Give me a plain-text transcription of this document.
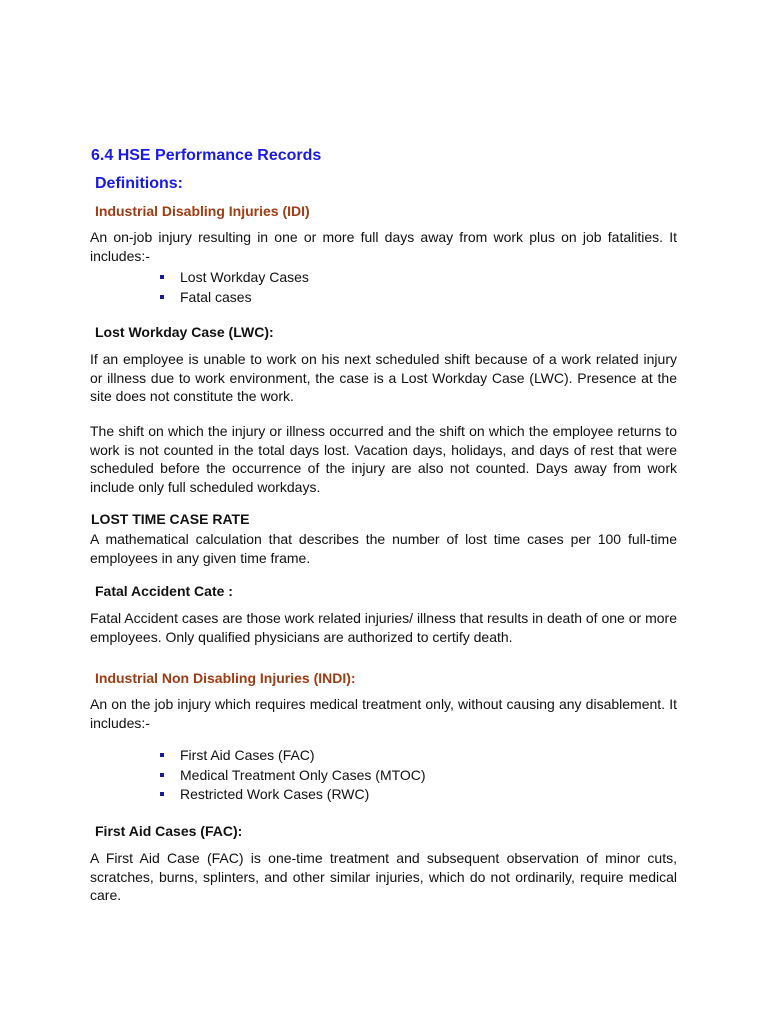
6.4 HSE Performance Records
Definitions:
Industrial Disabling Injuries (IDI)

An on-job injury resulting in one or more full days away from work plus on job fatalities. It includes:-

Lost Workday Cases
Fatal cases
Lost Workday Case (LWC):

If an employee is unable to work on his next scheduled shift because of a work related injury or illness due to work environment, the case is a Lost Workday Case (LWC). Presence at the site does not constitute the work.

The shift on which the injury or illness occurred and the shift on which the employee returns to work is not counted in the total days lost. Vacation days, holidays, and days of rest that were scheduled before the occurrence of the injury are also not counted. Days away from work include only full scheduled workdays.

LOST TIME CASE RATE

A mathematical calculation that describes the number of lost time cases per 100 full-time employees in any given time frame.

Fatal Accident Cate :

Fatal Accident cases are those work related injuries/ illness that results in death of one or more employees. Only qualified physicians are authorized to certify death.

Industrial Non Disabling Injuries (INDI):

An on the job injury which requires medical treatment only, without causing any disablement. It includes:-

First Aid Cases (FAC)
Medical Treatment Only Cases (MTOC)
Restricted Work Cases (RWC)
First Aid Cases (FAC):

A First Aid Case (FAC) is one-time treatment and subsequent observation of minor cuts, scratches, burns, splinters, and other similar injuries, which do not ordinarily, require medical care.
